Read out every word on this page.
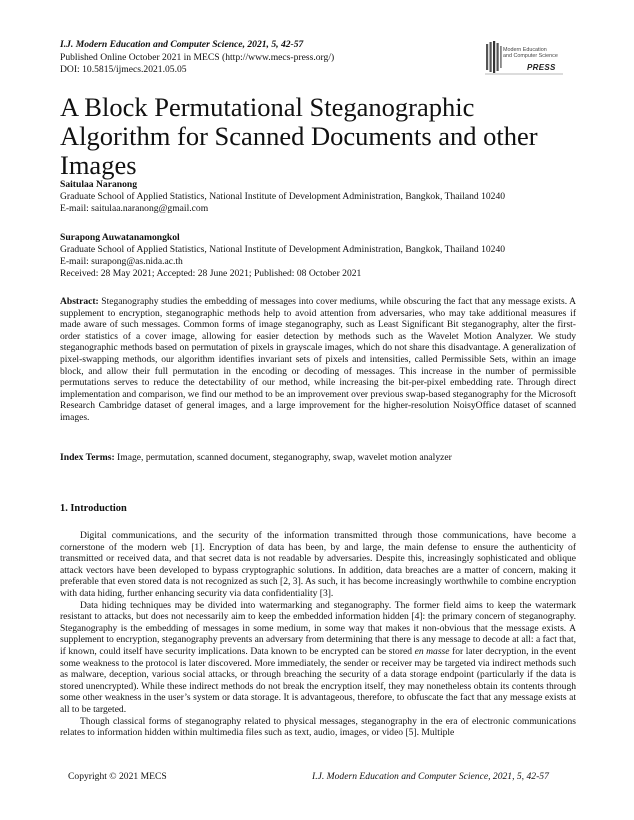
I.J. Modern Education and Computer Science, 2021, 5, 42-57
Published Online October 2021 in MECS (http://www.mecs-press.org/)
DOI: 10.5815/ijmecs.2021.05.05
Modern Education
and Computer Science
PRESS
A Block Permutational Steganographic Algorithm for Scanned Documents and other Images
Saitulaa Naranong
Graduate School of Applied Statistics, National Institute of Development Administration, Bangkok, Thailand 10240
E-mail: saitulaa.naranong@gmail.com
Surapong Auwatanamongkol
Graduate School of Applied Statistics, National Institute of Development Administration, Bangkok, Thailand 10240
E-mail: surapong@as.nida.ac.th
Received: 28 May 2021; Accepted: 28 June 2021; Published: 08 October 2021
Abstract: Steganography studies the embedding of messages into cover mediums, while obscuring the fact that any message exists. A supplement to encryption, steganographic methods help to avoid attention from adversaries, who may take additional measures if made aware of such messages. Common forms of image steganography, such as Least Significant Bit steganography, alter the first-order statistics of a cover image, allowing for easier detection by methods such as the Wavelet Motion Analyzer. We study steganographic methods based on permutation of pixels in grayscale images, which do not share this disadvantage. A generalization of pixel-swapping methods, our algorithm identifies invariant sets of pixels and intensities, called Permissible Sets, within an image block, and allow their full permutation in the encoding or decoding of messages. This increase in the number of permissible permutations serves to reduce the detectability of our method, while increasing the bit-per-pixel embedding rate. Through direct implementation and comparison, we find our method to be an improvement over previous swap-based steganography for the Microsoft Research Cambridge dataset of general images, and a large improvement for the higher-resolution NoisyOffice dataset of scanned images.
Index Terms: Image, permutation, scanned document, steganography, swap, wavelet motion analyzer
1. Introduction

Digital communications, and the security of the information transmitted through those communications, have become a cornerstone of the modern web [1]. Encryption of data has been, by and large, the main defense to ensure the authenticity of transmitted or received data, and that secret data is not readable by adversaries. Despite this, increasingly sophisticated and oblique attack vectors have been developed to bypass cryptographic solutions. In addition, data breaches are a matter of concern, making it preferable that even stored data is not recognized as such [2, 3]. As such, it has become increasingly worthwhile to combine encryption with data hiding, further enhancing security via data confidentiality [3].

Data hiding techniques may be divided into watermarking and steganography. The former field aims to keep the watermark resistant to attacks, but does not necessarily aim to keep the embedded information hidden [4]: the primary concern of steganography. Steganography is the embedding of messages in some medium, in some way that makes it non-obvious that the message exists. A supplement to encryption, steganography prevents an adversary from determining that there is any message to decode at all: a fact that, if known, could itself have security implications. Data known to be encrypted can be stored en masse for later decryption, in the event some weakness to the protocol is later discovered. More immediately, the sender or receiver may be targeted via indirect methods such as malware, deception, various social attacks, or through breaching the security of a data storage endpoint (particularly if the data is stored unencrypted). While these indirect methods do not break the encryption itself, they may nonetheless obtain its contents through some other weakness in the user’s system or data storage. It is advantageous, therefore, to obfuscate the fact that any message exists at all to be targeted.

Though classical forms of steganography related to physical messages, steganography in the era of electronic communications relates to information hidden within multimedia files such as text, audio, images, or video [5]. Multiple

Copyright © 2021 MECS	I.J. Modern Education and Computer Science, 2021, 5, 42-57
